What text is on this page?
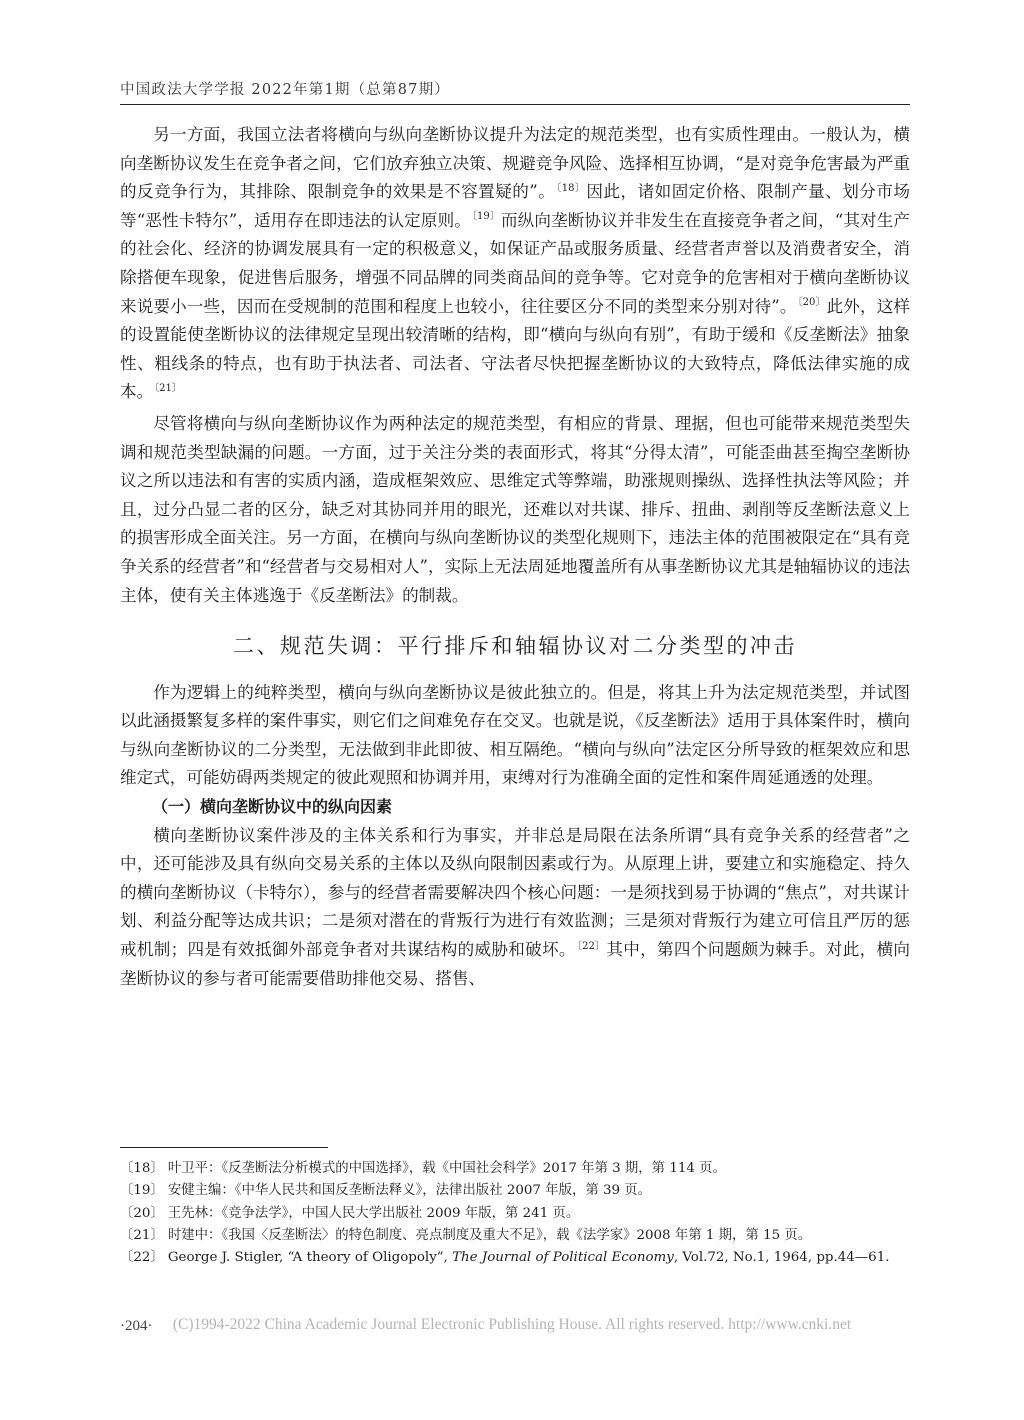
中国政法大学学报 2022年第1期（总第87期）

另一方面，我国立法者将横向与纵向垄断协议提升为法定的规范类型，也有实质性理由。一般认为，横向垄断协议发生在竞争者之间，它们放弃独立决策、规避竞争风险、选择相互协调，“是对竞争危害最为严重的反竞争行为，其排除、限制竞争的效果是不容置疑的”。$^{〔18〕}$因此，诸如固定价格、限制产量、划分市场等“恶性卡特尔”，适用存在即违法的认定原则。$^{〔19〕}$而纵向垄断协议并非发生在直接竞争者之间，“其对生产的社会化、经济的协调发展具有一定的积极意义，如保证产品或服务质量、经营者声誉以及消费者安全，消除搭便车现象，促进售后服务，增强不同品牌的同类商品间的竞争等。它对竞争的危害相对于横向垄断协议来说要小一些，因而在受规制的范围和程度上也较小，往往要区分不同的类型来分别对待”。$^{〔20〕}$此外，这样的设置能使垄断协议的法律规定呈现出较清晰的结构，即“横向与纵向有别”，有助于缓和《反垄断法》抽象性、粗线条的特点，也有助于执法者、司法者、守法者尽快把握垄断协议的大致特点，降低法律实施的成本。$^{〔21〕}$

尽管将横向与纵向垄断协议作为两种法定的规范类型，有相应的背景、理据，但也可能带来规范类型失调和规范类型缺漏的问题。一方面，过于关注分类的表面形式，将其“分得太清”，可能歪曲甚至掏空垄断协议之所以违法和有害的实质内涵，造成框架效应、思维定式等弊端，助涨规则操纵、选择性执法等风险；并且，过分凸显二者的区分，缺乏对其协同并用的眼光，还难以对共谋、排斥、扭曲、剥削等反垄断法意义上的损害形成全面关注。另一方面，在横向与纵向垄断协议的类型化规则下，违法主体的范围被限定在“具有竞争关系的经营者”和“经营者与交易相对人”，实际上无法周延地覆盖所有从事垄断协议尤其是轴辐协议的违法主体，使有关主体逃逸于《反垄断法》的制裁。

二、规范失调：平行排斥和轴辐协议对二分类型的冲击

作为逻辑上的纯粹类型，横向与纵向垄断协议是彼此独立的。但是，将其上升为法定规范类型，并试图以此涵摄繁复多样的案件事实，则它们之间难免存在交叉。也就是说，《反垄断法》适用于具体案件时，横向与纵向垄断协议的二分类型，无法做到非此即彼、相互隔绝。“横向与纵向”法定区分所导致的框架效应和思维定式，可能妨碍两类规定的彼此观照和协调并用，束缚对行为准确全面的定性和案件周延通透的处理。

（一）横向垄断协议中的纵向因素

横向垄断协议案件涉及的主体关系和行为事实，并非总是局限在法条所谓“具有竞争关系的经营者”之中，还可能涉及具有纵向交易关系的主体以及纵向限制因素或行为。从原理上讲，要建立和实施稳定、持久的横向垄断协议（卡特尔），参与的经营者需要解决四个核心问题：一是须找到易于协调的“焦点”，对共谋计划、利益分配等达成共识；二是须对潜在的背叛行为进行有效监测；三是须对背叛行为建立可信且严厉的惩戒机制；四是有效抵御外部竞争者对共谋结构的威胁和破坏。$^{〔22〕}$其中，第四个问题颇为棘手。对此，横向垄断协议的参与者可能需要借助排他交易、搭售、

〔18〕 叶卫平：《反垄断法分析模式的中国选择》，载《中国社会科学》2017 年第 3 期，第 114 页。

〔19〕 安健主编：《中华人民共和国反垄断法释义》，法律出版社 2007 年版，第 39 页。

〔20〕 王先林：《竞争法学》，中国人民大学出版社 2009 年版，第 241 页。

〔21〕 时建中：《我国〈反垄断法〉的特色制度、亮点制度及重大不足》，载《法学家》2008 年第 1 期，第 15 页。

〔22〕 George J. Stigler, “A theory of Oligopoly”, The Journal of Political Economy, Vol.72, No.1, 1964, pp.44—61.

(C)1994-2022 China Academic Journal Electronic Publishing House. All rights reserved. http://www.cnki.net
·204·
